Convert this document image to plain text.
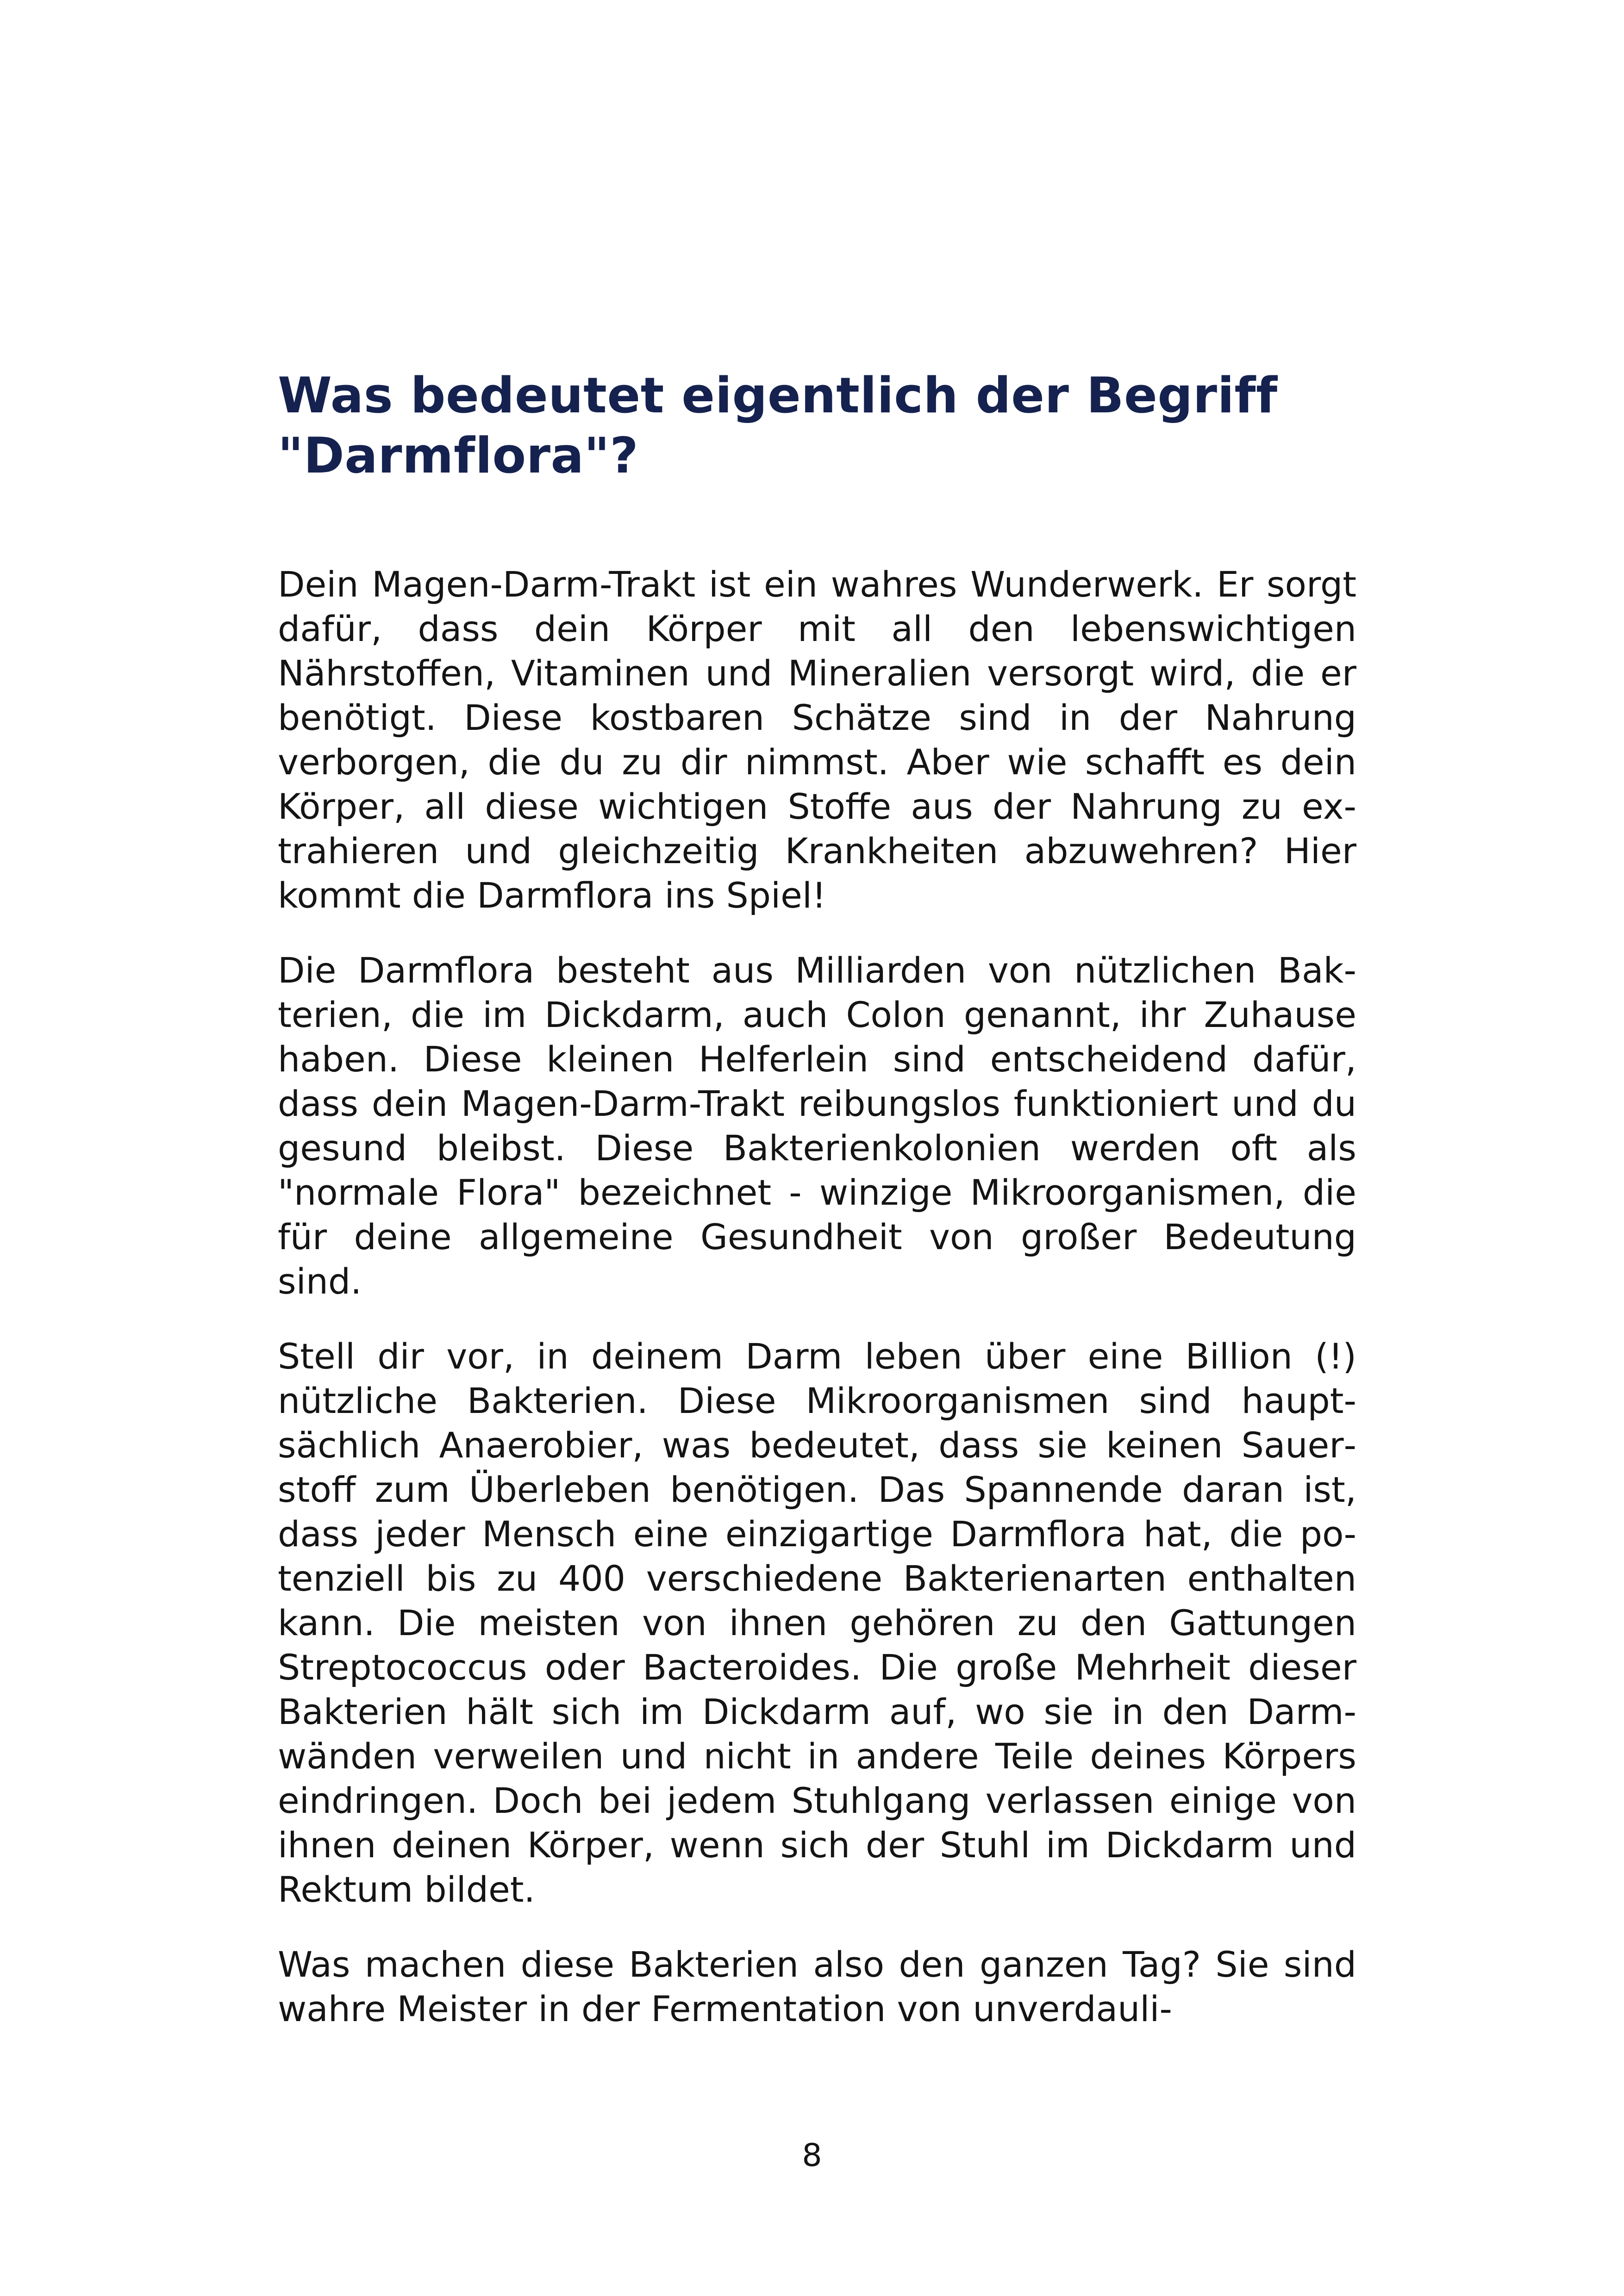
Was bedeutet eigentlich der Begriff "Darmflora"?

Dein Magen-Darm-Trakt ist ein wahres Wunderwerk. Er sorgt dafür, dass dein Körper mit all den lebenswichtigen Nährstoffen, Vitaminen und Mineralien versorgt wird, die er benötigt. Diese kostbaren Schätze sind in der Nahrung verborgen, die du zu dir nimmst. Aber wie schafft es dein Körper, all diese wichtigen Stoffe aus der Nahrung zu extrahieren und gleichzeitig Krankheiten abzuwehren? Hier kommt die Darmflora ins Spiel!

Die Darmflora besteht aus Milliarden von nützlichen Bakterien, die im Dickdarm, auch Colon genannt, ihr Zuhause haben. Diese kleinen Helferlein sind entscheidend dafür, dass dein Magen-Darm-Trakt reibungslos funktioniert und du gesund bleibst. Diese Bakterienkolonien werden oft als "normale Flora" bezeichnet - winzige Mikroorganismen, die für deine allgemeine Gesundheit von großer Bedeutung sind.

Stell dir vor, in deinem Darm leben über eine Billion (!) nützliche Bakterien. Diese Mikroorganismen sind hauptsächlich Anaerobier, was bedeutet, dass sie keinen Sauerstoff zum Überleben benötigen. Das Spannende daran ist, dass jeder Mensch eine einzigartige Darmflora hat, die potenziell bis zu 400 verschiedene Bakterienarten enthalten kann. Die meisten von ihnen gehören zu den Gattungen Streptococcus oder Bacteroides. Die große Mehrheit dieser Bakterien hält sich im Dickdarm auf, wo sie in den Darmwänden verweilen und nicht in andere Teile deines Körpers eindringen. Doch bei jedem Stuhlgang verlassen einige von ihnen deinen Körper, wenn sich der Stuhl im Dickdarm und Rektum bildet.

Was machen diese Bakterien also den ganzen Tag? Sie sind wahre Meister in der Fermentation von unverdauli-

8
